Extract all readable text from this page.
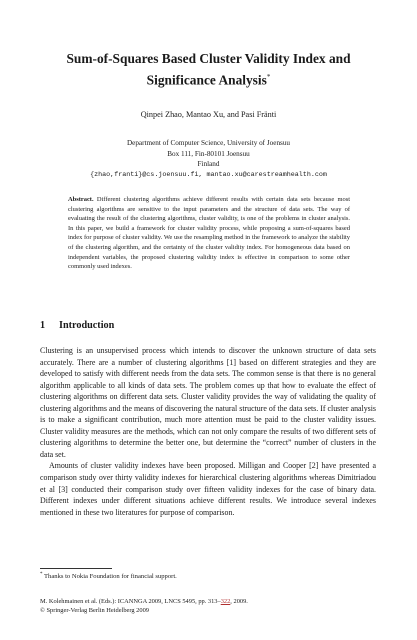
Sum-of-Squares Based Cluster Validity Index and
Significance Analysis*
Qinpei Zhao, Mantao Xu, and Pasi Fränti
Department of Computer Science, University of Joensuu
Box 111, Fin-80101 Joensuu
Finland
{zhao,franti}@cs.joensuu.fi, mantao.xu@carestreamhealth.com
Abstract. Different clustering algorithms achieve different results with certain data sets because most clustering algorithms are sensitive to the input parameters and the structure of data sets. The way of evaluating the result of the clustering algorithms, cluster validity, is one of the problems in cluster analysis. In this paper, we build a framework for cluster validity process, while proposing a sum-of-squares based index for purpose of cluster validity. We use the resampling method in the framework to analyze the stability of the clustering algorithm, and the certainty of the cluster validity index. For homogeneous data based on independent variables, the proposed clustering validity index is effective in comparison to some other commonly used indexes.
1 Introduction

Clustering is an unsupervised process which intends to discover the unknown structure of data sets accurately. There are a number of clustering algorithms [1] based on different strategies and they are developed to satisfy with different needs from the data sets. The common sense is that there is no general algorithm applicable to all kinds of data sets. The problem comes up that how to evaluate the effect of clustering algorithms on different data sets. Cluster validity provides the way of validating the quality of clustering algorithms and the means of discovering the natural structure of the data sets. If cluster analysis is to make a significant contribution, much more attention must be paid to the cluster validity issues. Cluster validity measures are the methods, which can not only compare the results of two different sets of clustering algorithms to determine the better one, but determine the “correct” number of clusters in the data set.

Amounts of cluster validity indexes have been proposed. Milligan and Cooper [2] have presented a comparison study over thirty validity indexes for hierarchical clustering algorithms whereas Dimitriadou et al [3] conducted their comparison study over fifteen validity indexes for the case of binary data. Different indexes under different situations achieve different results. We introduce several indexes mentioned in these two literatures for purpose of comparison.

* Thanks to Nokia Foundation for financial support.
M. Kolehmainen et al. (Eds.): ICANNGA 2009, LNCS 5495, pp. 313–322, 2009.
© Springer-Verlag Berlin Heidelberg 2009
